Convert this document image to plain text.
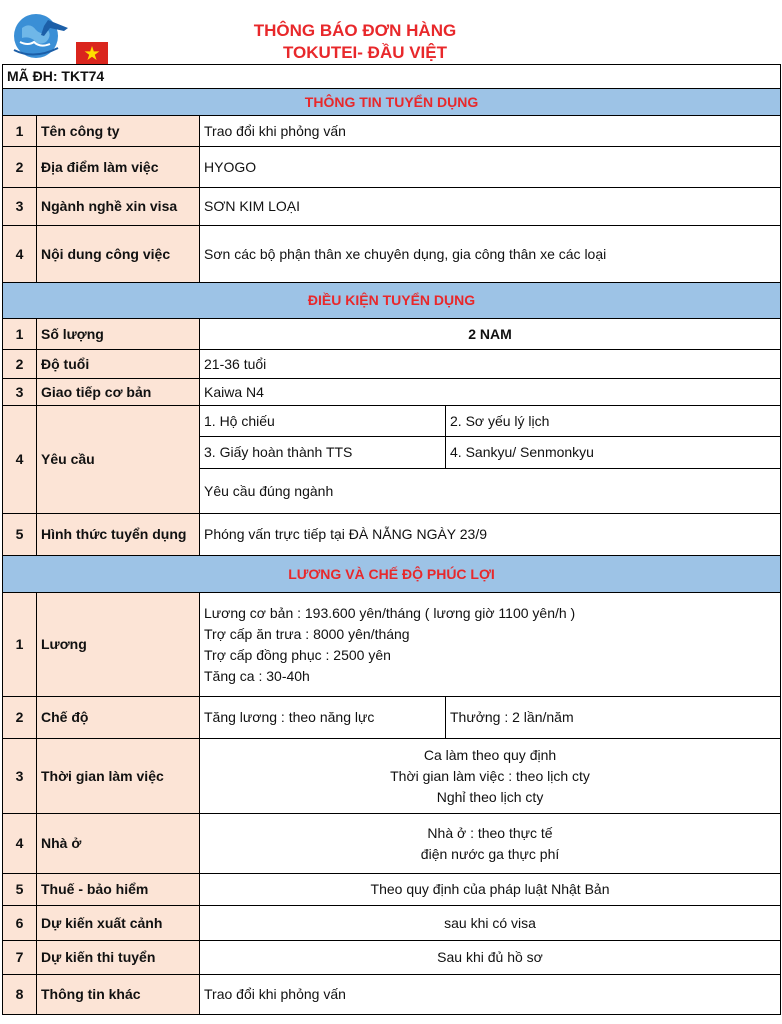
THÔNG BÁO ĐƠN HÀNG
TOKUTEI- ĐẦU VIỆT
MÃ ĐH: TKT74			
THÔNG TIN TUYỂN DỤNG			
1	Tên công ty	Trao đổi khi phỏng vấn	
2	Địa điểm làm việc	HYOGO	
3	Ngành nghề xin visa	SƠN KIM LOẠI	
4	Nội dung công việc	Sơn các bộ phận thân xe chuyên dụng, gia công thân xe các loại	
ĐIỀU KIỆN TUYỂN DỤNG			
1	Số lượng	2 NAM	
2	Độ tuổi	21-36 tuổi	
3	Giao tiếp cơ bản	Kaiwa N4	
4	Yêu cầu	1. Hộ chiếu	2. Sơ yếu lý lịch
		3. Giấy hoàn thành TTS	4. Sankyu/ Senmonkyu
		Yêu cầu đúng ngành	
5	Hình thức tuyển dụng	Phóng vấn trực tiếp tại ĐÀ NẴNG NGÀY 23/9	
LƯƠNG VÀ CHẾ ĐỘ PHÚC LỢI			
1	Lương	Lương cơ bản : 193.600 yên/tháng ( lương giờ 1100 yên/h )
Trợ cấp ăn trưa : 8000 yên/tháng
Trợ cấp đồng phục : 2500 yên
Tăng ca : 30-40h	

2	Chế độ	Tăng lương : theo năng lực	Thưởng : 2 lần/năm
3	Thời gian làm việc	Ca làm theo quy định
Thời gian làm việc : theo lịch cty
Nghỉ theo lịch cty	

4	Nhà ở	Nhà ở : theo thực tế
điện nước ga thực phí	

5	Thuế - bảo hiểm	Theo quy định của pháp luật Nhật Bản	
6	Dự kiến xuất cảnh	sau khi có visa	
7	Dự kiến thi tuyển	Sau khi đủ hồ sơ	
8	Thông tin khác	Trao đổi khi phỏng vấn	
